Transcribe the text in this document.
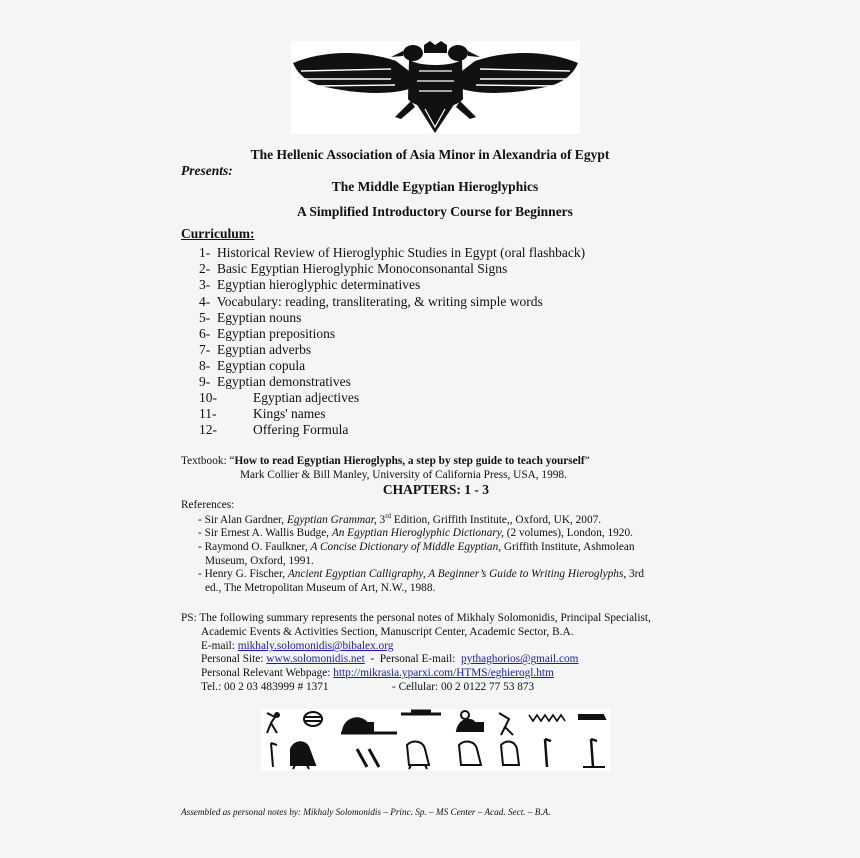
The Hellenic Association of Asia Minor in Alexandria of Egypt
Presents:
The Middle Egyptian Hieroglyphics
A Simplified Introductory Course for Beginners
Curriculum:
1- Historical Review of Hieroglyphic Studies in Egypt (oral flashback)
2- Basic Egyptian Hieroglyphic Monoconsonantal Signs
3- Egyptian hieroglyphic determinatives
4- Vocabulary: reading, transliterating, & writing simple words
5- Egyptian nouns
6- Egyptian prepositions
7- Egyptian adverbs
8- Egyptian copula
9- Egyptian demonstratives
10-	Egyptian adjectives
11-	Kings' names
12-	Offering Formula
Textbook: “How to read Egyptian Hieroglyphs, a step by step guide to teach yourself”
Mark Collier & Bill Manley, University of California Press, USA, 1998.
CHAPTERS: 1 - 3
References:
- Sir Alan Gardner, Egyptian Grammar, 3rd Edition, Griffith Institute,, Oxford, UK, 2007.
- Sir Ernest A. Wallis Budge, An Egyptian Hieroglyphic Dictionary, (2 volumes), London, 1920.
- Raymond O. Faulkner, A Concise Dictionary of Middle Egyptian, Griffith Institute, Ashmolean
Museum, Oxford, 1991.
- Henry G. Fischer, Ancient Egyptian Calligraphy, A Beginner’s Guide to Writing Hieroglyphs, 3rd
ed., The Metropolitan Museum of Art, N.W., 1988.
PS: The following summary represents the personal notes of Mikhaly Solomonidis, Principal Specialist,
Academic Events & Activities Section, Manuscript Center, Academic Sector, B.A.
E-mail: mikhaly.solomonidis@bibalex.org
Personal Site: www.solomonidis.net  -  Personal E-mail:  pythaghorios@gmail.com
Personal Relevant Webpage: http://mikrasia.yparxi.com/HTMS/eghierogl.htm
Tel.: 00 2 03 483999 # 1371	- Cellular: 00 2 0122 77 53 873
Assembled as personal notes by: Mikhaly Solomonidis – Princ. Sp. – MS Center – Acad. Sect. – B.A.
